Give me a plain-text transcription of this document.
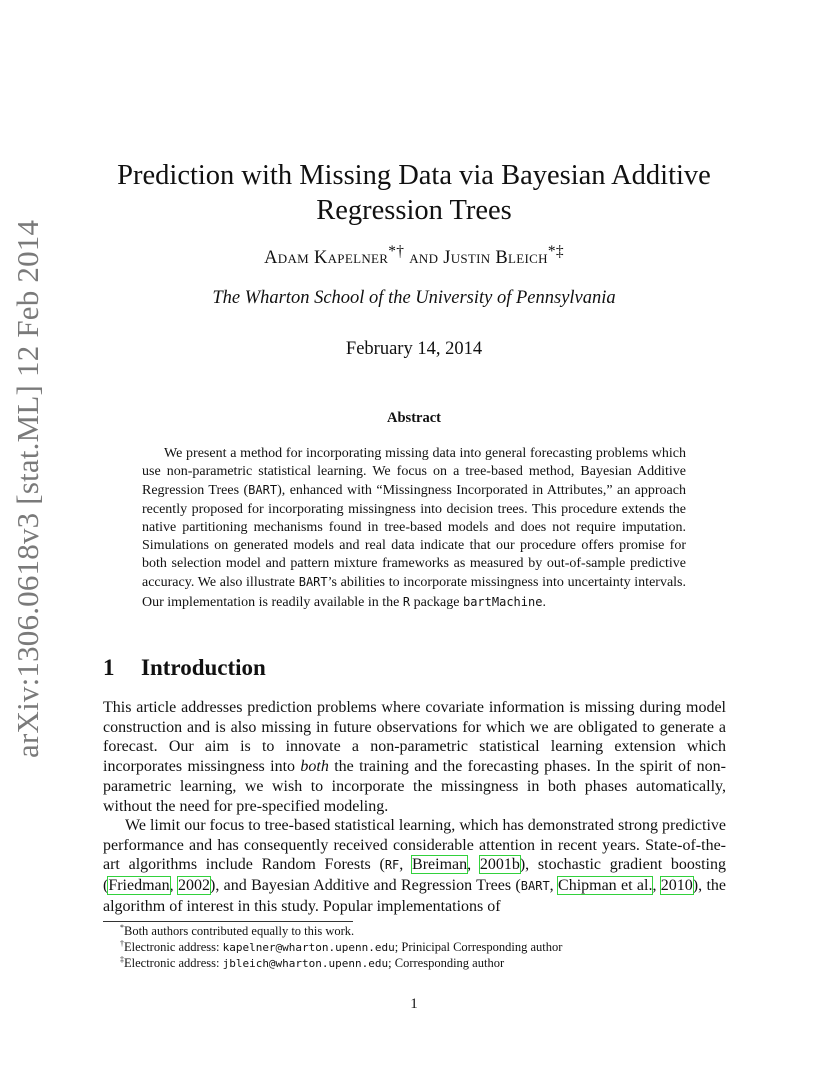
arXiv:1306.0618v3 [stat.ML] 12 Feb 2014
Prediction with Missing Data via Bayesian Additive
Regression Trees
Adam Kapelner*† and Justin Bleich*‡
The Wharton School of the University of Pennsylvania
February 14, 2014
Abstract
We present a method for incorporating missing data into general forecasting problems which use non-parametric statistical learning. We focus on a tree-based method, Bayesian Additive Regression Trees (BART), enhanced with “Missingness Incorporated in Attributes,” an approach recently proposed for incorporating missingness into decision trees. This procedure extends the native partitioning mechanisms found in tree-based models and does not require imputation. Simulations on generated models and real data indicate that our procedure offers promise for both selection model and pattern mixture frameworks as measured by out-of-sample predictive accuracy. We also illustrate BART’s abilities to incorporate missingness into uncertainty intervals. Our implementation is readily available in the R package bartMachine.
1 Introduction
This article addresses prediction problems where covariate information is missing during model construction and is also missing in future observations for which we are obligated to generate a forecast. Our aim is to innovate a non-parametric statistical learning extension which incorporates missingness into both the training and the forecasting phases. In the spirit of non-parametric learning, we wish to incorporate the missingness in both phases automatically, without the need for pre-specified modeling.
We limit our focus to tree-based statistical learning, which has demonstrated strong predictive performance and has consequently received considerable attention in recent years. State-of-the-art algorithms include Random Forests (RF, Breiman, 2001b), stochastic gradient boosting (Friedman, 2002), and Bayesian Additive and Regression Trees (BART, Chipman et al., 2010), the algorithm of interest in this study. Popular implementations of
*Both authors contributed equally to this work.
†Electronic address: kapelner@wharton.upenn.edu; Prinicipal Corresponding author
‡Electronic address: jbleich@wharton.upenn.edu; Corresponding author
1
